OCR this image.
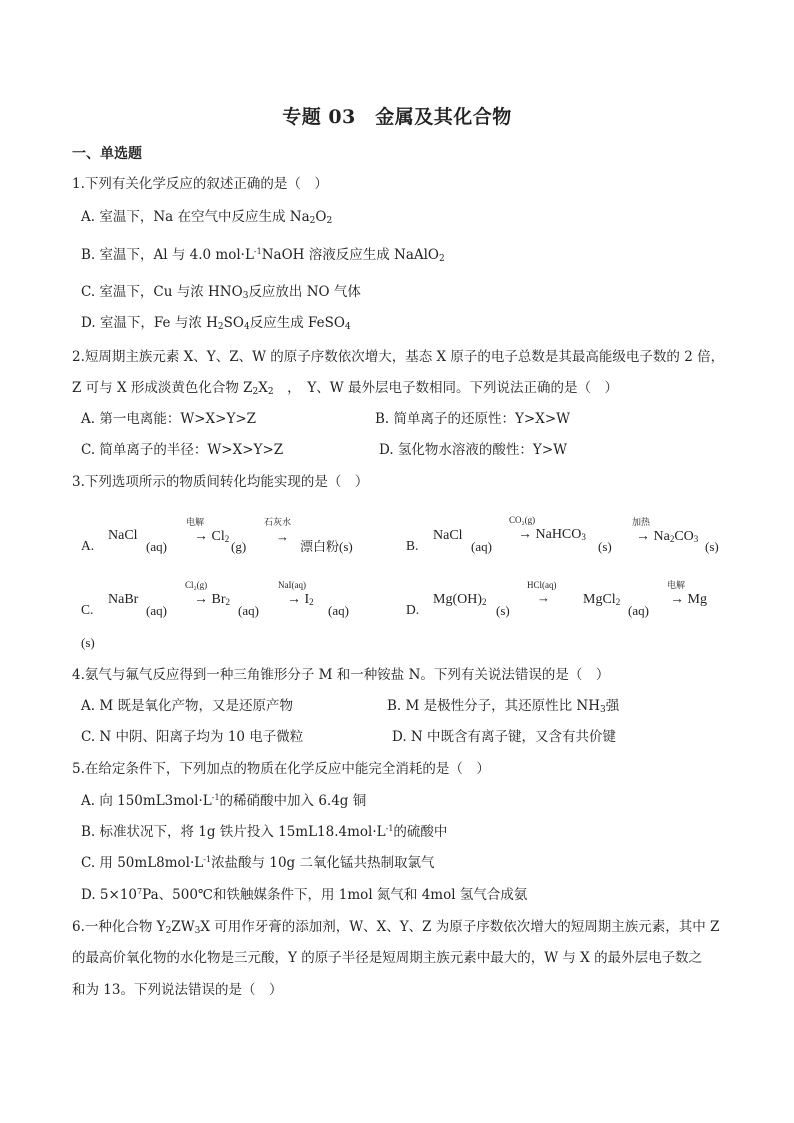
专题 03　金属及其化合物
一、单选题
1.下列有关化学反应的叙述正确的是（　）
A. 室温下，Na 在空气中反应生成 $Na_2O_2$
B. 室温下，Al 与 4.0 $mol\cdot L^{-1}NaOH$ 溶液反应生成 NaAlO$_2$
C. 室温下，Cu 与浓 $HNO_3$反应放出 NO 气体
D. 室温下，Fe 与浓 $H_2SO_4$反应生成 FeSO$_4$
2.短周期主族元素 X、Y、Z、W 的原子序数依次增大，基态 X 原子的电子总数是其最高能级电子数的 2 倍，
Z 可与 X 形成淡黄色化合物 $Z_2X_2$　，　Y、W 最外层电子数相同。下列说法正确的是（　）
A. 第一电离能：W>X>Y>Z	B. 简单离子的还原性：Y>X>W
C. 简单离子的半径：W>X>Y>Z	D. 氢化物水溶液的酸性：Y>W
3.下列选项所示的物质间转化均能实现的是（　）
A.
NaCl
(aq)
电解
→ $Cl_2$ (g)
石灰水
→
漂白粉(s)	B.
NaCl
(aq)
CO₂(g)
→ NaHCO$_3$
(s)
加热
→ $Na_2CO_3$ (s)
C.
NaBr
(aq)
Cl₂(g)
→ $Br_2$
(aq)
NaI(aq)
→ $I_2$
(aq)	D.
$Mg(OH)_2$
(s)
HCl(aq)
→ MgCl$_2$
(aq)
电解
→ Mg
(s)
4.氨气与氟气反应得到一种三角锥形分子 M 和一种铵盐 N。下列有关说法错误的是（　）
A. M 既是氧化产物，又是还原产物	B. M 是极性分子，其还原性比 $NH_3$强
C. N 中阴、阳离子均为 10 电子微粒	D. N 中既含有离子键，又含有共价键
5.在给定条件下，下列加点的物质在化学反应中能完全消耗的是（　）
A. 向 $150mL3mol\cdot L^{-1}$的稀硝酸中加入 6.4g 铜
B. 标准状况下，将 1g 铁片投入 $15mL18.4mol\cdot L^{-1}$的硫酸中
C. 用 $50mL8mol\cdot L^{-1}$浓盐酸与 10g 二氧化锰共热制取氯气
D. $5\times 10^7Pa$、500℃和铁触媒条件下，用 1mol 氮气和 4mol 氢气合成氨
6.一种化合物 $Y_2ZW_3X$ 可用作牙膏的添加剂，W、X、Y、Z 为原子序数依次增大的短周期主族元素，其中 Z
的最高价氧化物的水化物是三元酸，Y 的原子半径是短周期主族元素中最大的，W 与 X 的最外层电子数之
和为 13。下列说法错误的是（　）
